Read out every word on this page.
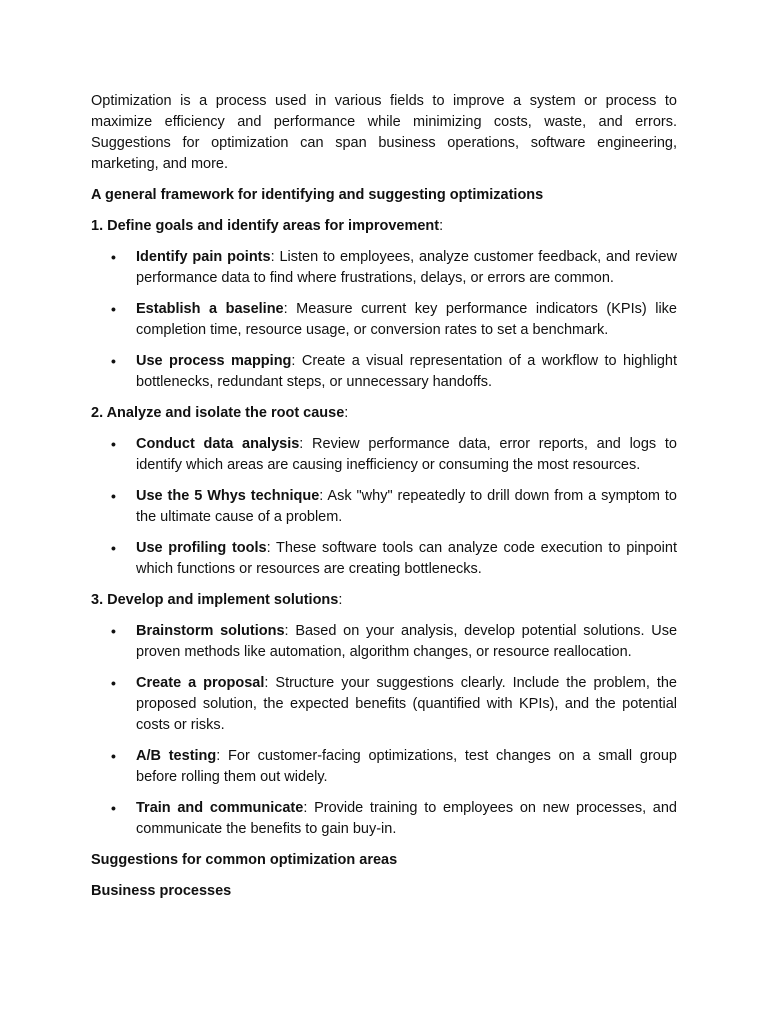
Optimization is a process used in various fields to improve a system or process to maximize efficiency and performance while minimizing costs, waste, and errors. Suggestions for optimization can span business operations, software engineering, marketing, and more.

A general framework for identifying and suggesting optimizations

1. Define goals and identify areas for improvement:

• Identify pain points: Listen to employees, analyze customer feedback, and review performance data to find where frustrations, delays, or errors are common.
• Establish a baseline: Measure current key performance indicators (KPIs) like completion time, resource usage, or conversion rates to set a benchmark.
• Use process mapping: Create a visual representation of a workflow to highlight bottlenecks, redundant steps, or unnecessary handoffs.

2. Analyze and isolate the root cause:

• Conduct data analysis: Review performance data, error reports, and logs to identify which areas are causing inefficiency or consuming the most resources.
• Use the 5 Whys technique: Ask "why" repeatedly to drill down from a symptom to the ultimate cause of a problem.
• Use profiling tools: These software tools can analyze code execution to pinpoint which functions or resources are creating bottlenecks.

3. Develop and implement solutions:

• Brainstorm solutions: Based on your analysis, develop potential solutions. Use proven methods like automation, algorithm changes, or resource reallocation.
• Create a proposal: Structure your suggestions clearly. Include the problem, the proposed solution, the expected benefits (quantified with KPIs), and the potential costs or risks.
• A/B testing: For customer-facing optimizations, test changes on a small group before rolling them out widely.
• Train and communicate: Provide training to employees on new processes, and communicate the benefits to gain buy-in.

Suggestions for common optimization areas

Business processes
